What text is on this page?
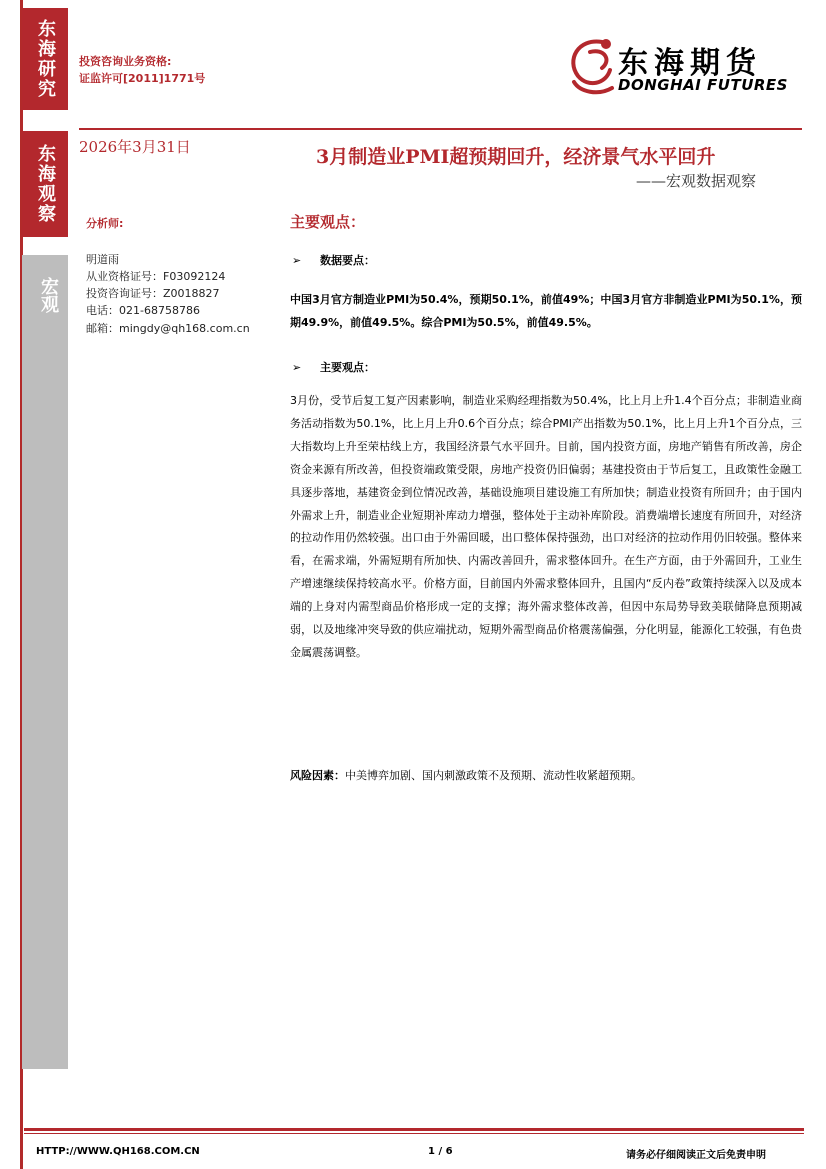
东海研究
东海观察
宏观
投资咨询业务资格:
证监许可[2011]1771号	东海期货
DONGHAI FUTURES
2026年3月31日	3月制造业PMI超预期回升，经济景气水平回升
——宏观数据观察
分析师:
明道雨
从业资格证号：F03092124
投资咨询证号：Z0018827
电话：021-68758786
邮箱：mingdy@qh168.com.cn
主要观点：
➢ 数据要点：
中国3月官方制造业PMI为50.4%，预期50.1%，前值49%；中国3月官方非制造业PMI为50.1%，预期49.9%，前值49.5%。综合PMI为50.5%，前值49.5%。
➢ 主要观点：
3月份，受节后复工复产因素影响，制造业采购经理指数为50.4%，比上月上升1.4个百分点；非制造业商务活动指数为50.1%，比上月上升0.6个百分点；综合PMI产出指数为50.1%，比上月上升1个百分点，三大指数均上升至荣枯线上方，我国经济景气水平回升。目前，国内投资方面，房地产销售有所改善，房企资金来源有所改善，但投资端政策受限，房地产投资仍旧偏弱；基建投资由于节后复工，且政策性金融工具逐步落地，基建资金到位情况改善，基础设施项目建设施工有所加快；制造业投资有所回升；由于国内外需求上升，制造业企业短期补库动力增强，整体处于主动补库阶段。消费端增长速度有所回升，对经济的拉动作用仍然较强。出口由于外需回暖，出口整体保持强劲，出口对经济的拉动作用仍旧较强。整体来看，在需求端，外需短期有所加快、内需改善回升，需求整体回升。在生产方面，由于外需回升，工业生产增速继续保持较高水平。价格方面，目前国内外需求整体回升，且国内“反内卷”政策持续深入以及成本端的上身对内需型商品价格形成一定的支撑；海外需求整体改善，但因中东局势导致美联储降息预期减弱，以及地缘冲突导致的供应端扰动，短期外需型商品价格震荡偏强，分化明显，能源化工较强，有色贵金属震荡调整。
风险因素：中美博弈加剧、国内刺激政策不及预期、流动性收紧超预期。
HTTP://WWW.QH168.COM.CN	1 / 6	请务必仔细阅读正文后免责申明
